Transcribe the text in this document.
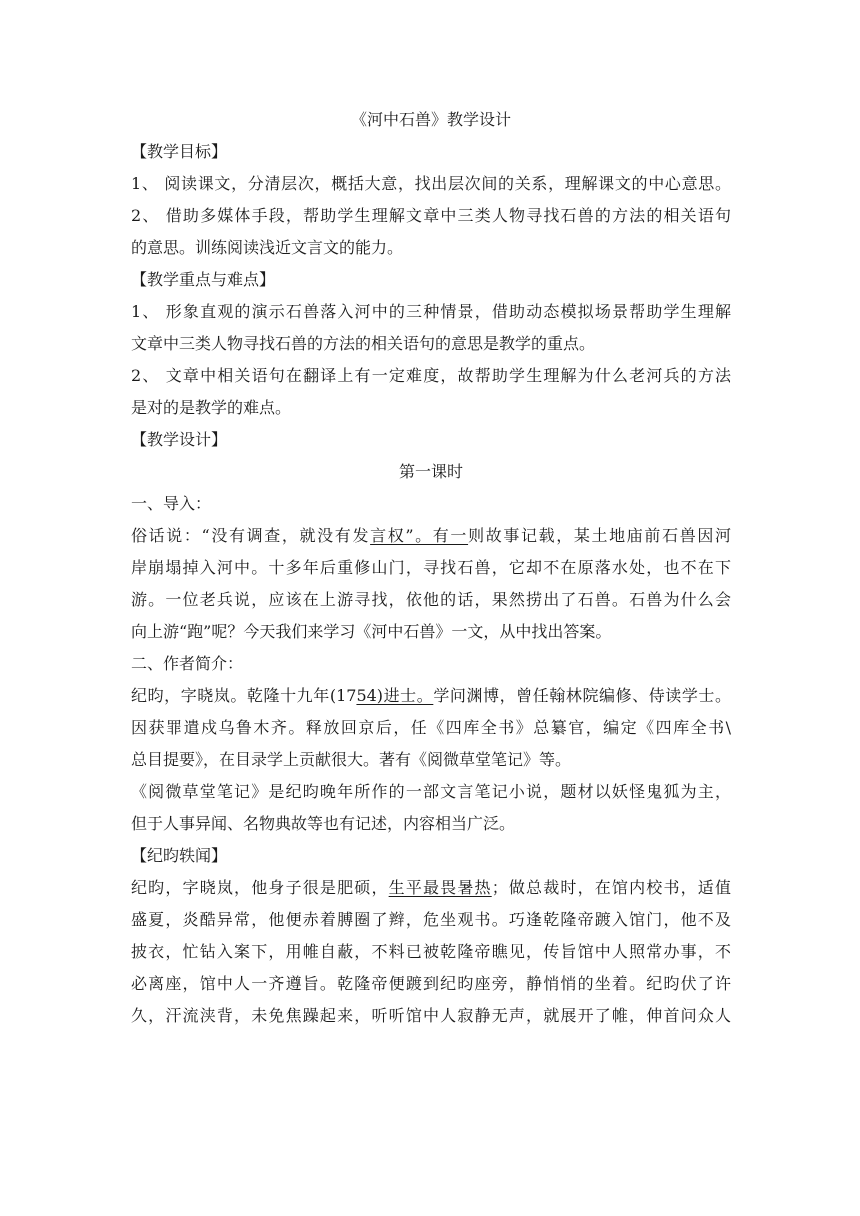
《河中石兽》教学设计
【教学目标】
1、 阅读课文，分清层次，概括大意，找出层次间的关系，理解课文的中心意思。
2、 借助多媒体手段，帮助学生理解文章中三类人物寻找石兽的方法的相关语句
的意思。训练阅读浅近文言文的能力。
【教学重点与难点】
1、 形象直观的演示石兽落入河中的三种情景，借助动态模拟场景帮助学生理解
文章中三类人物寻找石兽的方法的相关语句的意思是教学的重点。
2、 文章中相关语句在翻译上有一定难度，故帮助学生理解为什么老河兵的方法
是对的是教学的难点。
【教学设计】
第一课时
一、导入：
俗话说：“没有调查，就没有发言权”。有一则故事记载，某土地庙前石兽因河
岸崩塌掉入河中。十多年后重修山门，寻找石兽，它却不在原落水处，也不在下
游。一位老兵说，应该在上游寻找，依他的话，果然捞出了石兽。石兽为什么会
向上游“跑”呢？今天我们来学习《河中石兽》一文，从中找出答案。
二、作者简介：
纪昀，字晓岚。乾隆十九年(1754)进士。学问渊博，曾任翰林院编修、侍读学士。
因获罪遣戍乌鲁木齐。释放回京后，任《四库全书》总纂官，编定《四库全书\
总目提要》，在目录学上贡献很大。著有《阅微草堂笔记》等。
《阅微草堂笔记》是纪昀晚年所作的一部文言笔记小说，题材以妖怪鬼狐为主，
但于人事异闻、名物典故等也有记述，内容相当广泛。
【纪昀轶闻】
纪昀，字晓岚，他身子很是肥硕，生平最畏暑热；做总裁时，在馆内校书，适值
盛夏，炎酷异常，他便赤着膊圈了辫，危坐观书。巧逢乾隆帝踱入馆门，他不及
披衣，忙钻入案下，用帷自蔽，不料已被乾隆帝瞧见，传旨馆中人照常办事，不
必离座，馆中人一齐遵旨。乾隆帝便踱到纪昀座旁，静悄悄的坐着。纪昀伏了许
久，汗流浃背，未免焦躁起来，听听馆中人寂静无声，就展开了帷，伸首问众人
